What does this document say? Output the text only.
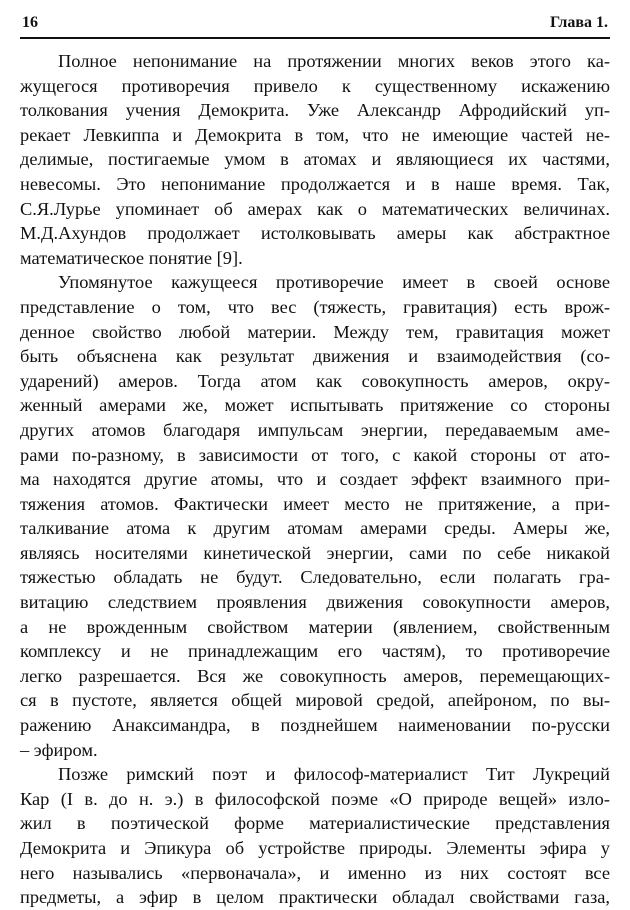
16	Глава 1.
Полное непонимание на протяжении многих веков этого ка-
жущегося противоречия привело к существенному искажению
толкования учения Демокрита. Уже Александр Афродийский уп-
рекает Левкиппа и Демокрита в том, что не имеющие частей не-
делимые, постигаемые умом в атомах и являющиеся их частями,
невесомы. Это непонимание продолжается и в наше время. Так,
С.Я.Лурье упоминает об амерах как о математических величинах.
М.Д.Ахундов продолжает истолковывать амеры как абстрактное
математическое понятие [9].
Упомянутое кажущееся противоречие имеет в своей основе
представление о том, что вес (тяжесть, гравитация) есть врож-
денное свойство любой материи. Между тем, гравитация может
быть объяснена как результат движения и взаимодействия (со-
ударений) амеров. Тогда атом как совокупность амеров, окру-
женный амерами же, может испытывать притяжение со стороны
других атомов благодаря импульсам энергии, передаваемым аме-
рами по-разному, в зависимости от того, с какой стороны от ато-
ма находятся другие атомы, что и создает эффект взаимного при-
тяжения атомов. Фактически имеет место не притяжение, а при-
талкивание атома к другим атомам амерами среды. Амеры же,
являясь носителями кинетической энергии, сами по себе никакой
тяжестью обладать не будут. Следовательно, если полагать гра-
витацию следствием проявления движения совокупности амеров,
а не врожденным свойством материи (явлением, свойственным
комплексу и не принадлежащим его частям), то противоречие
легко разрешается. Вся же совокупность амеров, перемещающих-
ся в пустоте, является общей мировой средой, апейроном, по вы-
ражению Анаксимандра, в позднейшем наименовании по-русски
– эфиром.
Позже римский поэт и философ-материалист Тит Лукреций
Кар (I в. до н. э.) в философской поэме «О природе вещей» изло-
жил в поэтической форме материалистические представления
Демокрита и Эпикура об устройстве природы. Элементы эфира у
него назывались «первоначала», и именно из них состоят все
предметы, а эфир в целом практически обладал свойствами газа,
